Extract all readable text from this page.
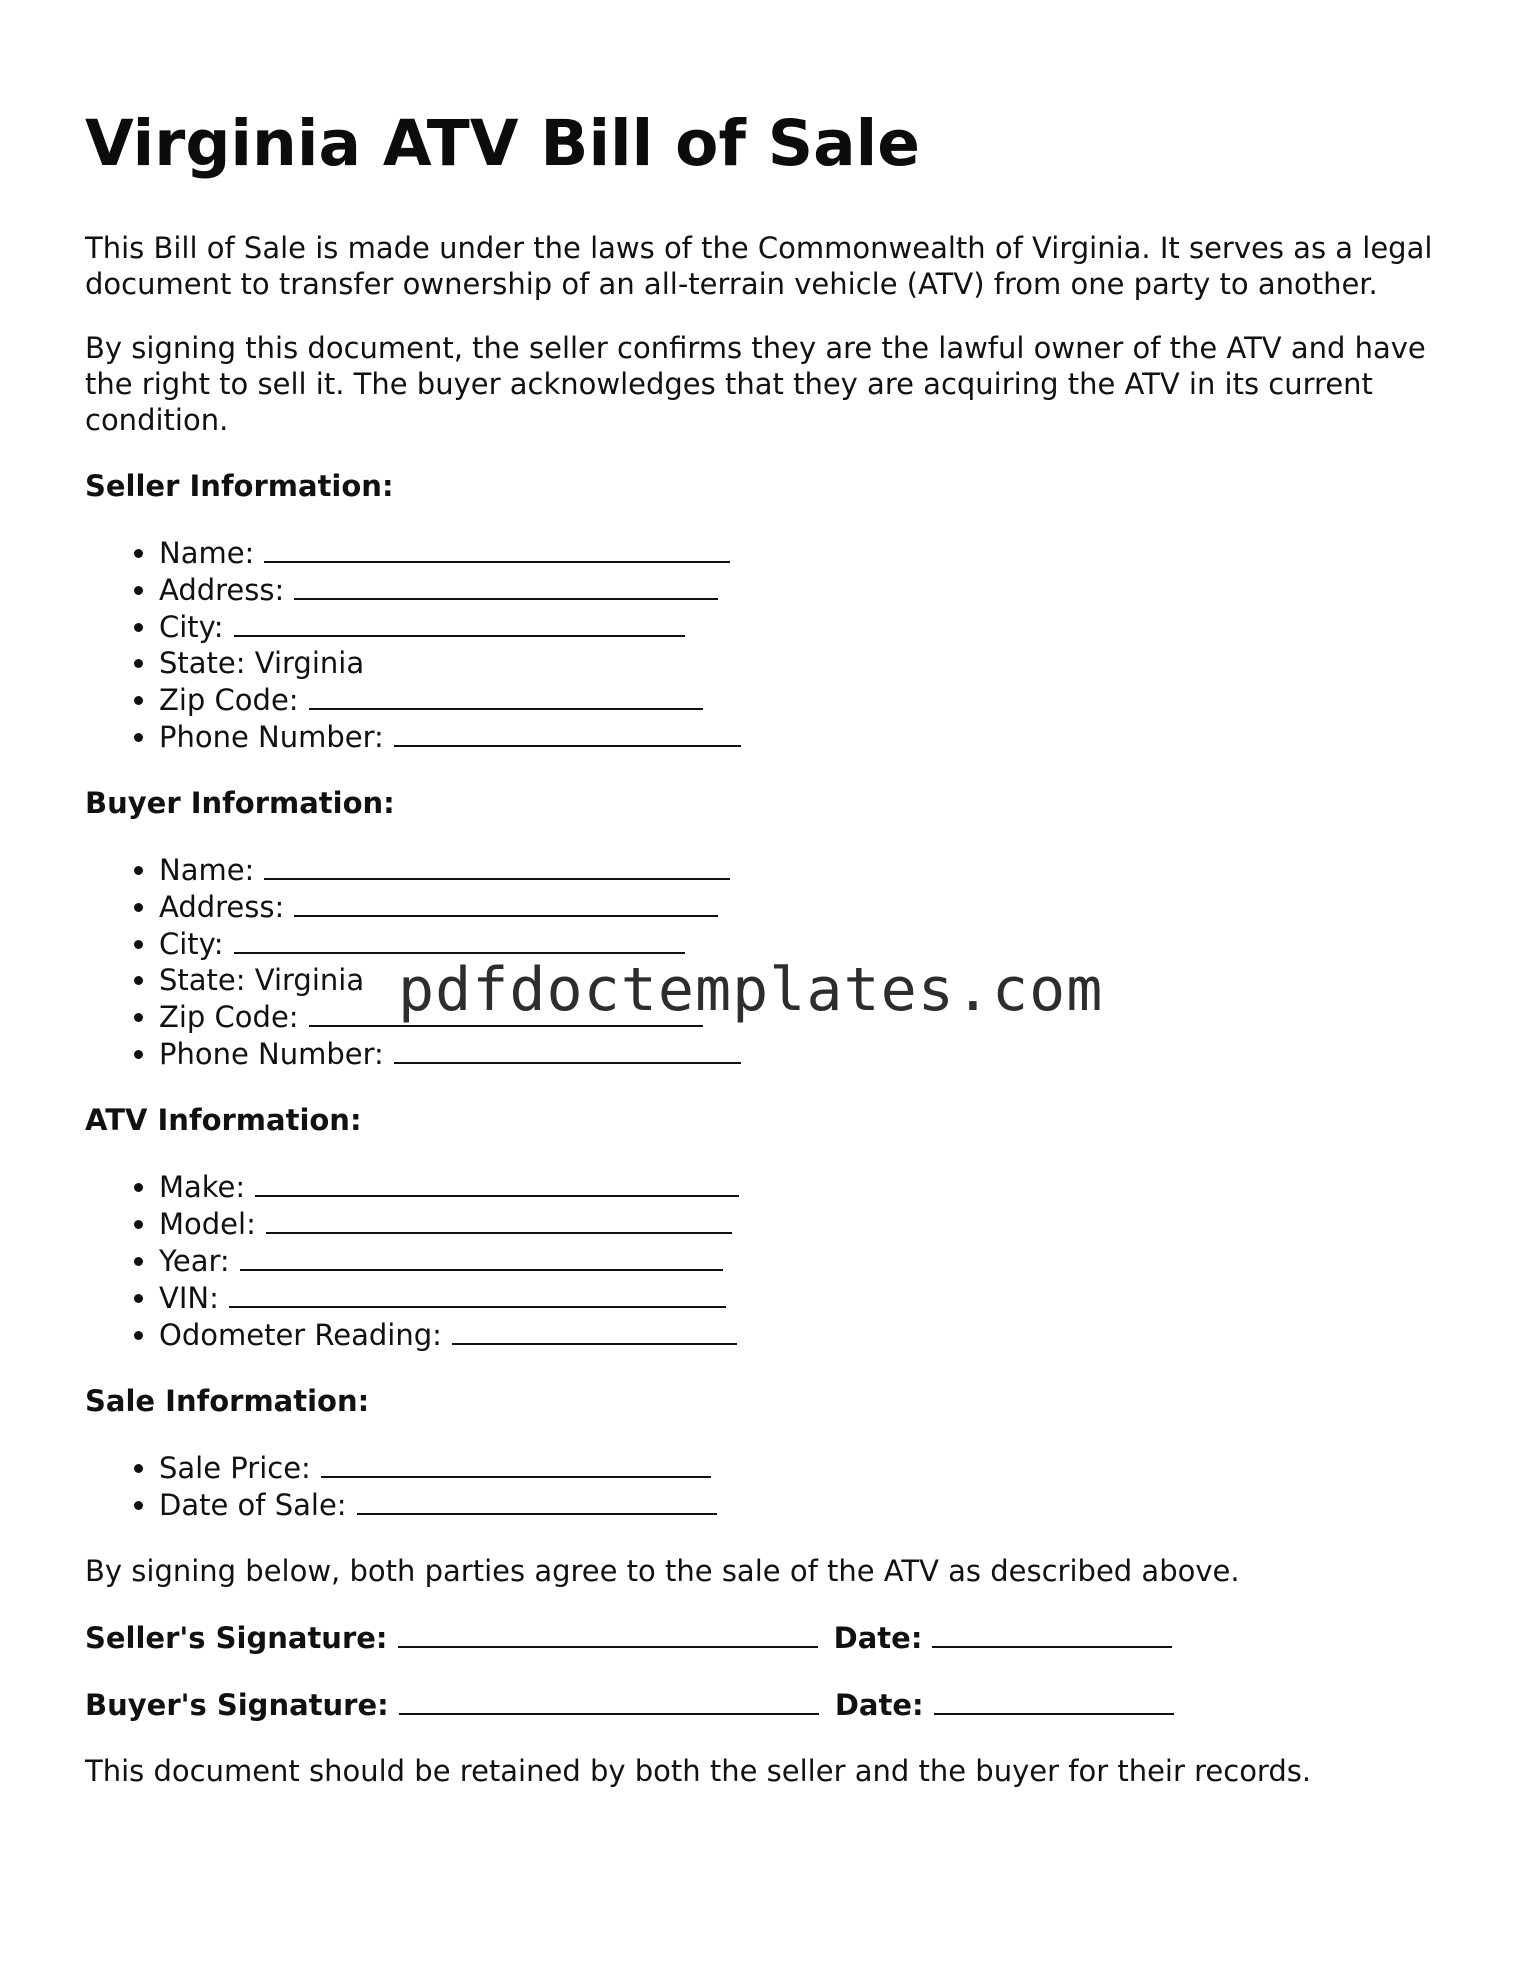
Virginia ATV Bill of Sale

This Bill of Sale is made under the laws of the Commonwealth of Virginia. It serves as a legal document to transfer ownership of an all-terrain vehicle (ATV) from one party to another.

By signing this document, the seller confirms they are the lawful owner of the ATV and have the right to sell it. The buyer acknowledges that they are acquiring the ATV in its current condition.

Seller Information:
• Name:
• Address:
• City:
• State: Virginia
• Zip Code:
• Phone Number:
Buyer Information:
• Name:
• Address:
• City:
• State: Virginia
• Zip Code:
• Phone Number:
ATV Information:
• Make:
• Model:
• Year:
• VIN:
• Odometer Reading:
Sale Information:
• Sale Price:
• Date of Sale:

By signing below, both parties agree to the sale of the ATV as described above.

Seller's Signature:	Date:
Buyer's Signature:	Date:

This document should be retained by both the seller and the buyer for their records.

pdfdoctemplates.com
